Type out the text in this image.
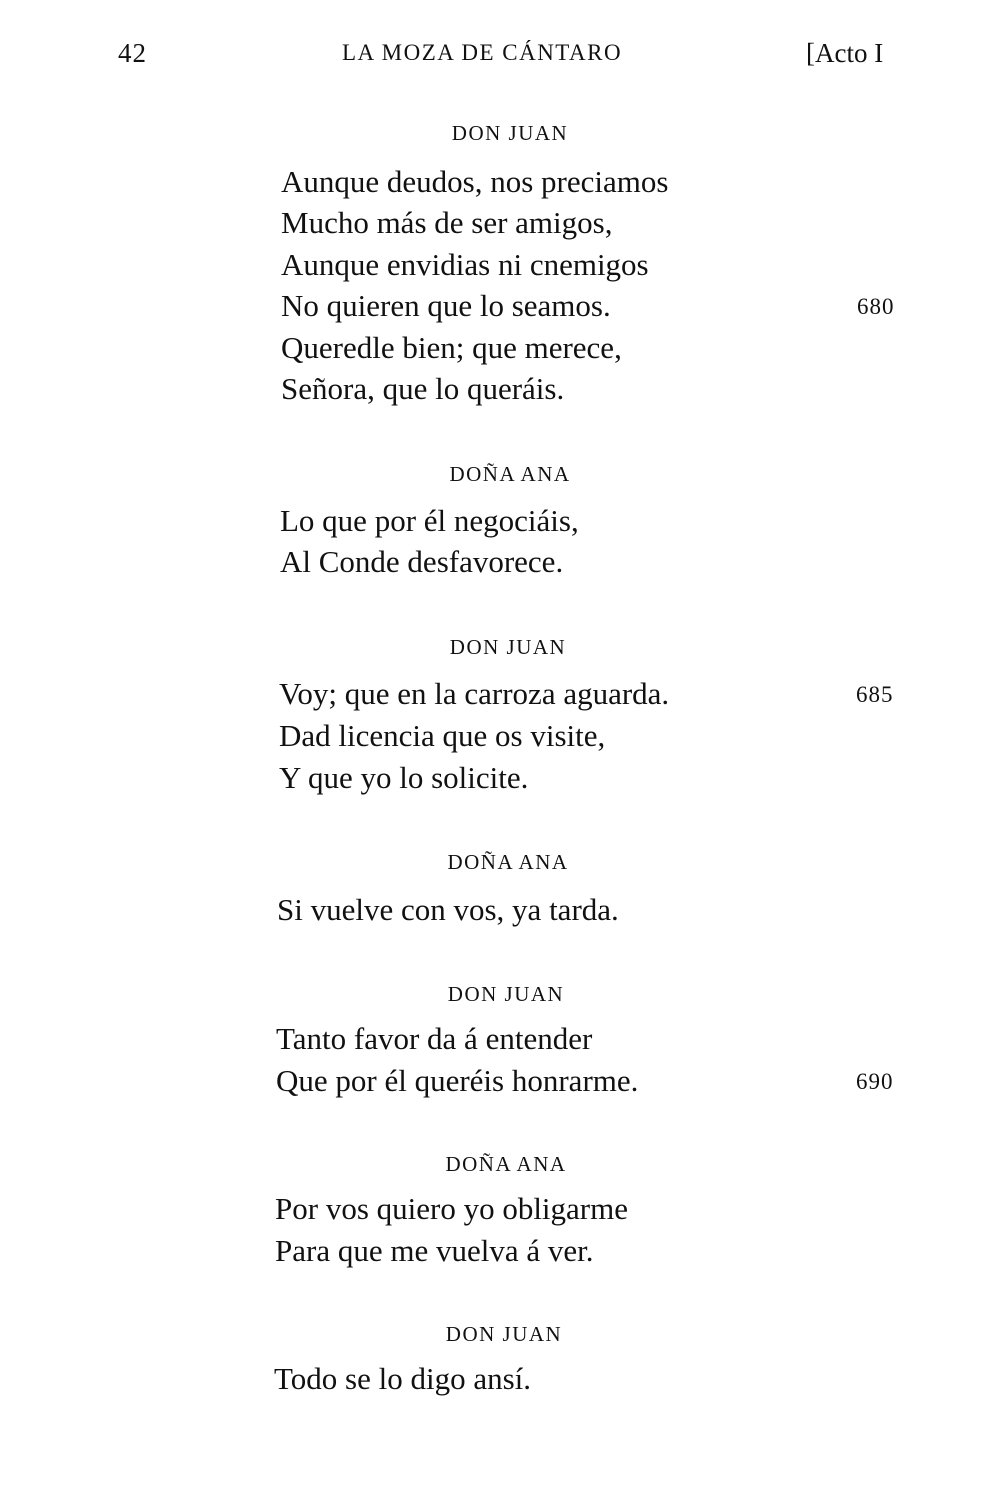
42	LA MOZA DE CÁNTARO	[Acto I
DON JUAN
Aunque deudos, nos preciamos
Mucho más de ser amigos,
Aunque envidias ni cnemigos
No quieren que lo seamos.	680
Queredle bien; que merece,
Señora, que lo queráis.
DOÑA ANA
Lo que por él negociáis,
Al Conde desfavorece.
DON JUAN
Voy; que en la carroza aguarda.	685
Dad licencia que os visite,
Y que yo lo solicite.
DOÑA ANA
Si vuelve con vos, ya tarda.
DON JUAN
Tanto favor da á entender
Que por él queréis honrarme.	690
DOÑA ANA
Por vos quiero yo obligarme
Para que me vuelva á ver.
DON JUAN
Todo se lo digo ansí.
